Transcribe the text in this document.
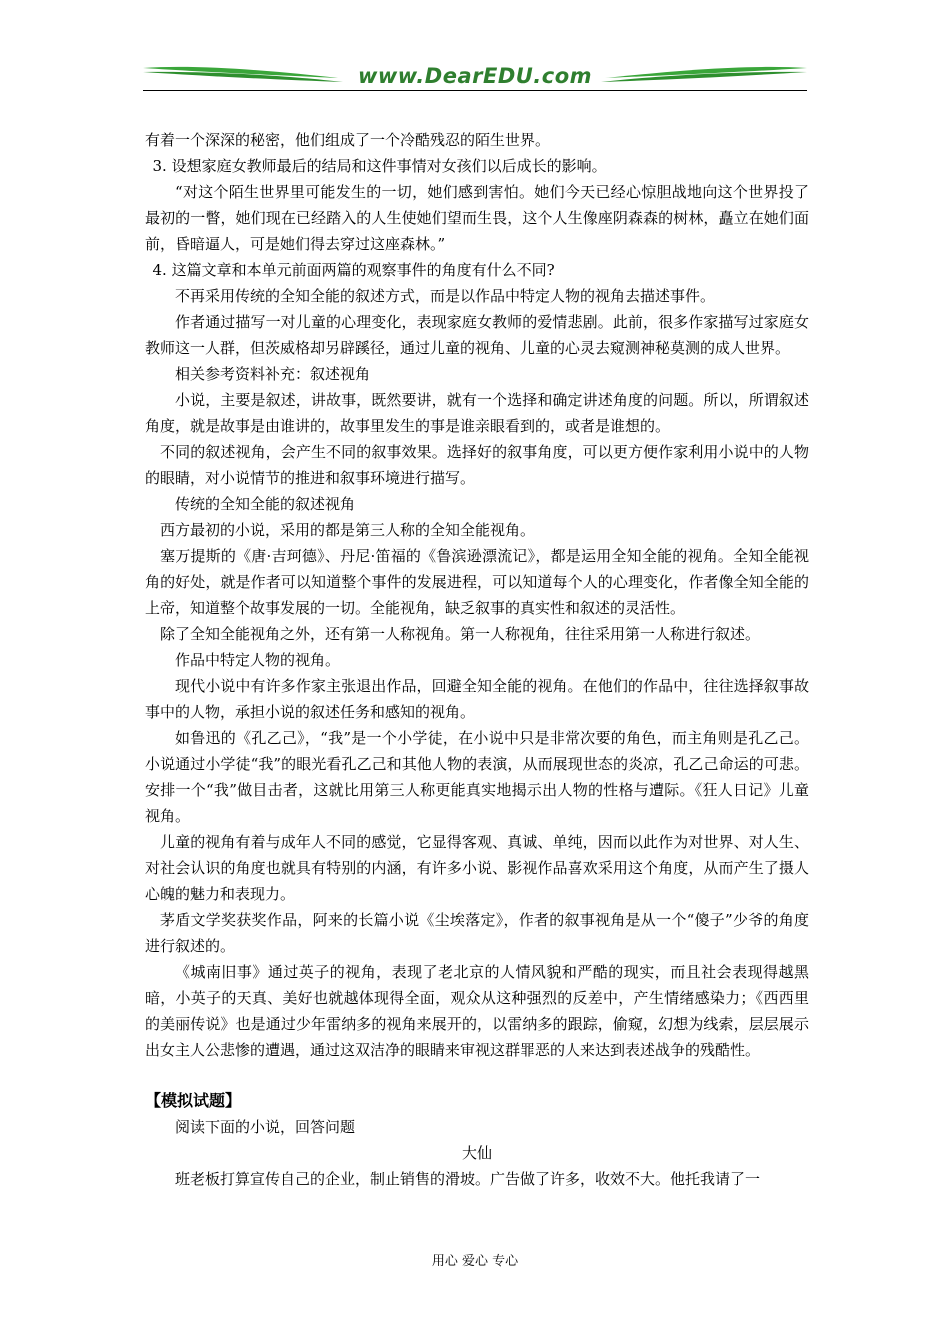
www.DearEDU.com

有着一个深深的秘密，他们组成了一个冷酷残忍的陌生世界。

3. 设想家庭女教师最后的结局和这件事情对女孩们以后成长的影响。

“对这个陌生世界里可能发生的一切，她们感到害怕。她们今天已经心惊胆战地向这个世界投了最初的一瞥，她们现在已经踏入的人生使她们望而生畏，这个人生像座阴森森的树林，矗立在她们面前，昏暗逼人，可是她们得去穿过这座森林。”

4. 这篇文章和本单元前面两篇的观察事件的角度有什么不同?

不再采用传统的全知全能的叙述方式，而是以作品中特定人物的视角去描述事件。

作者通过描写一对儿童的心理变化，表现家庭女教师的爱情悲剧。此前，很多作家描写过家庭女教师这一人群，但茨威格却另辟蹊径，通过儿童的视角、儿童的心灵去窥测神秘莫测的成人世界。

相关参考资料补充：叙述视角

小说，主要是叙述，讲故事，既然要讲，就有一个选择和确定讲述角度的问题。所以，所谓叙述角度，就是故事是由谁讲的，故事里发生的事是谁亲眼看到的，或者是谁想的。

不同的叙述视角，会产生不同的叙事效果。选择好的叙事角度，可以更方便作家利用小说中的人物的眼睛，对小说情节的推进和叙事环境进行描写。

传统的全知全能的叙述视角

西方最初的小说，采用的都是第三人称的全知全能视角。

塞万提斯的《唐·吉珂德》、丹尼·笛福的《鲁滨逊漂流记》，都是运用全知全能的视角。全知全能视角的好处，就是作者可以知道整个事件的发展进程，可以知道每个人的心理变化，作者像全知全能的上帝，知道整个故事发展的一切。全能视角，缺乏叙事的真实性和叙述的灵活性。

除了全知全能视角之外，还有第一人称视角。第一人称视角，往往采用第一人称进行叙述。

作品中特定人物的视角。

现代小说中有许多作家主张退出作品，回避全知全能的视角。在他们的作品中，往往选择叙事故事中的人物，承担小说的叙述任务和感知的视角。

如鲁迅的《孔乙己》，“我”是一个小学徒，在小说中只是非常次要的角色，而主角则是孔乙己。小说通过小学徒“我”的眼光看孔乙己和其他人物的表演，从而展现世态的炎凉，孔乙己命运的可悲。安排一个“我”做目击者，这就比用第三人称更能真实地揭示出人物的性格与遭际。《狂人日记》儿童视角。

儿童的视角有着与成年人不同的感觉，它显得客观、真诚、单纯，因而以此作为对世界、对人生、对社会认识的角度也就具有特别的内涵，有许多小说、影视作品喜欢采用这个角度，从而产生了摄人心魄的魅力和表现力。

茅盾文学奖获奖作品，阿来的长篇小说《尘埃落定》，作者的叙事视角是从一个“傻子”少爷的角度进行叙述的。

《城南旧事》通过英子的视角，表现了老北京的人情风貌和严酷的现实，而且社会表现得越黑暗，小英子的天真、美好也就越体现得全面，观众从这种强烈的反差中，产生情绪感染力；《西西里的美丽传说》也是通过少年雷纳多的视角来展开的，以雷纳多的跟踪，偷窥，幻想为线索，层层展示出女主人公悲惨的遭遇，通过这双洁净的眼睛来审视这群罪恶的人来达到表述战争的残酷性。

【模拟试题】

阅读下面的小说，回答问题

大仙

班老板打算宣传自己的企业，制止销售的滑坡。广告做了许多，收效不大。他托我请了一

用心 爱心 专心
